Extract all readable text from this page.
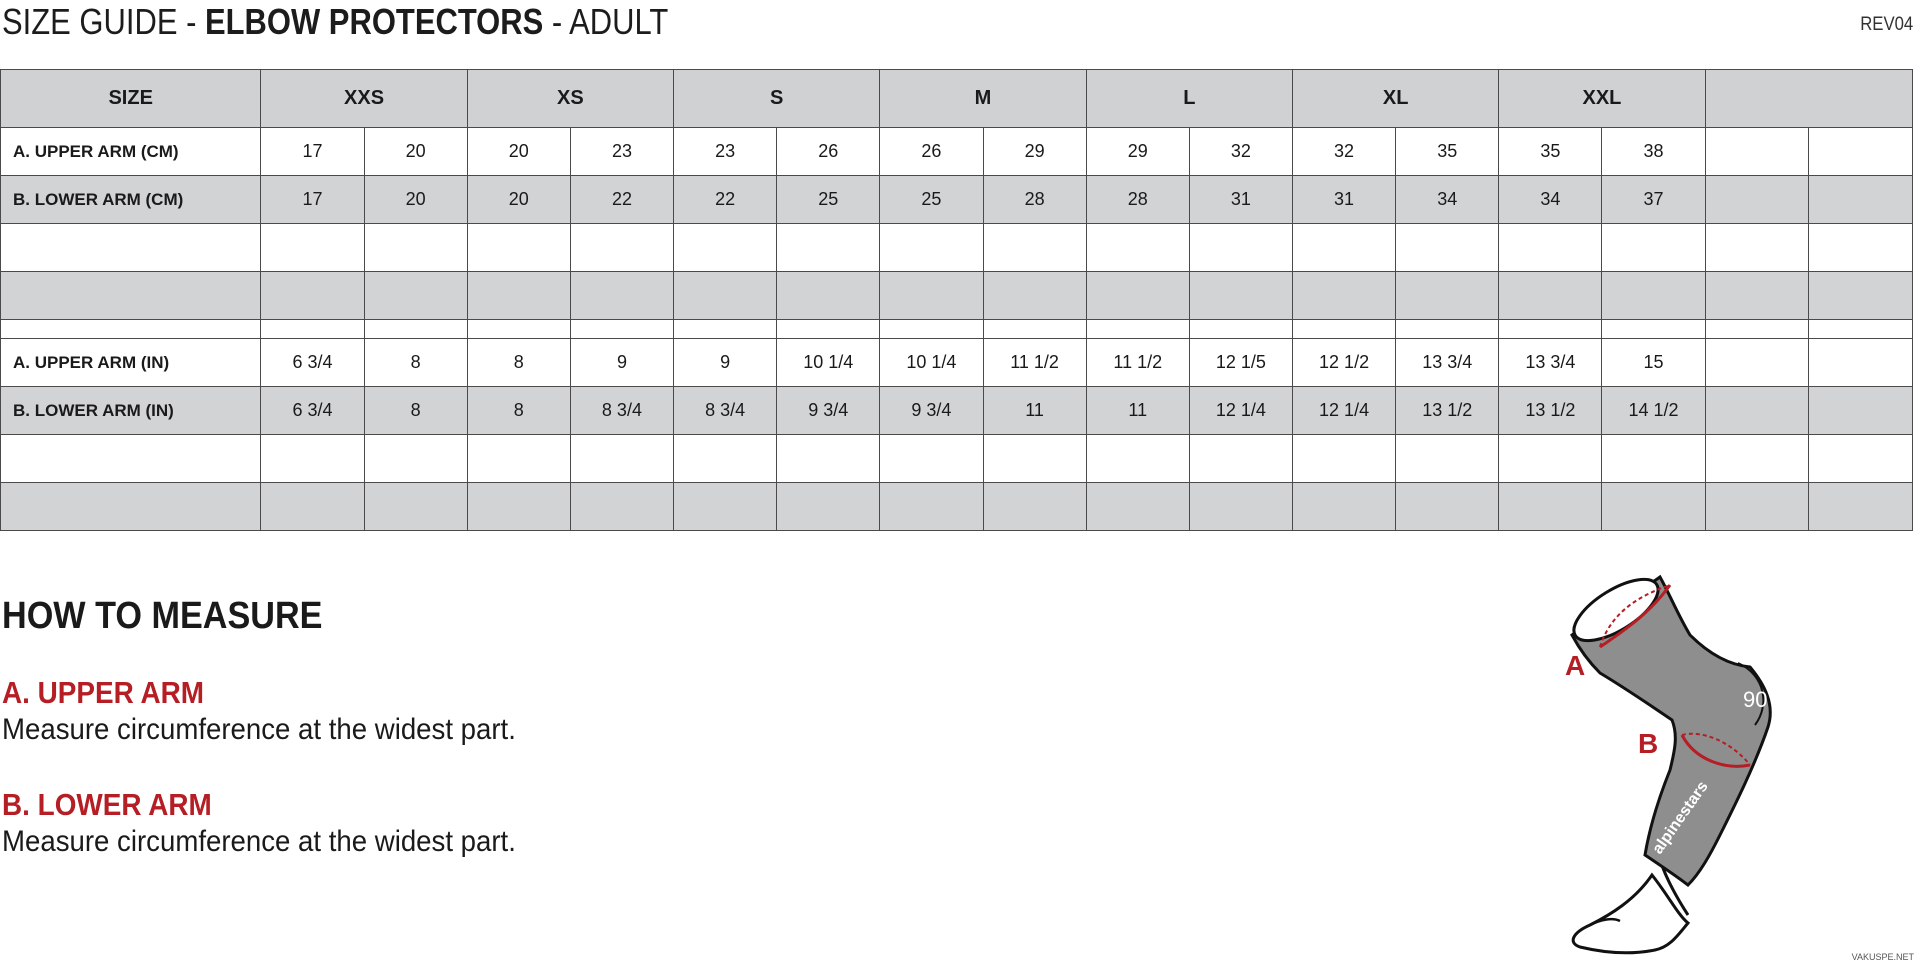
SIZE GUIDE - ELBOW PROTECTORS - ADULT	REV04
SIZE	XXS		XS		S		M		L		XL		XXL			
A. UPPER ARM (CM)	17	20	20	23	23	26	26	29	29	32	32	35	35	38		
B. LOWER ARM (CM)	17	20	20	22	22	25	25	28	28	31	31	34	34	37		

A. UPPER ARM (IN)	6 3/4	8	8	9	9	10 1/4	10 1/4	11 1/2	11 1/2	12 1/5	12 1/2	13 3/4	13 3/4	15		
B. LOWER ARM (IN)	6 3/4	8	8	8 3/4	8 3/4	9 3/4	9 3/4	11	11	12 1/4	12 1/4	13 1/2	13 1/2	14 1/2		

HOW TO MEASURE

A. UPPER ARM

Measure circumference at the widest part.

B. LOWER ARM

Measure circumference at the widest part.

90°
A
B
alpinestars
VAKUSPE.NET
